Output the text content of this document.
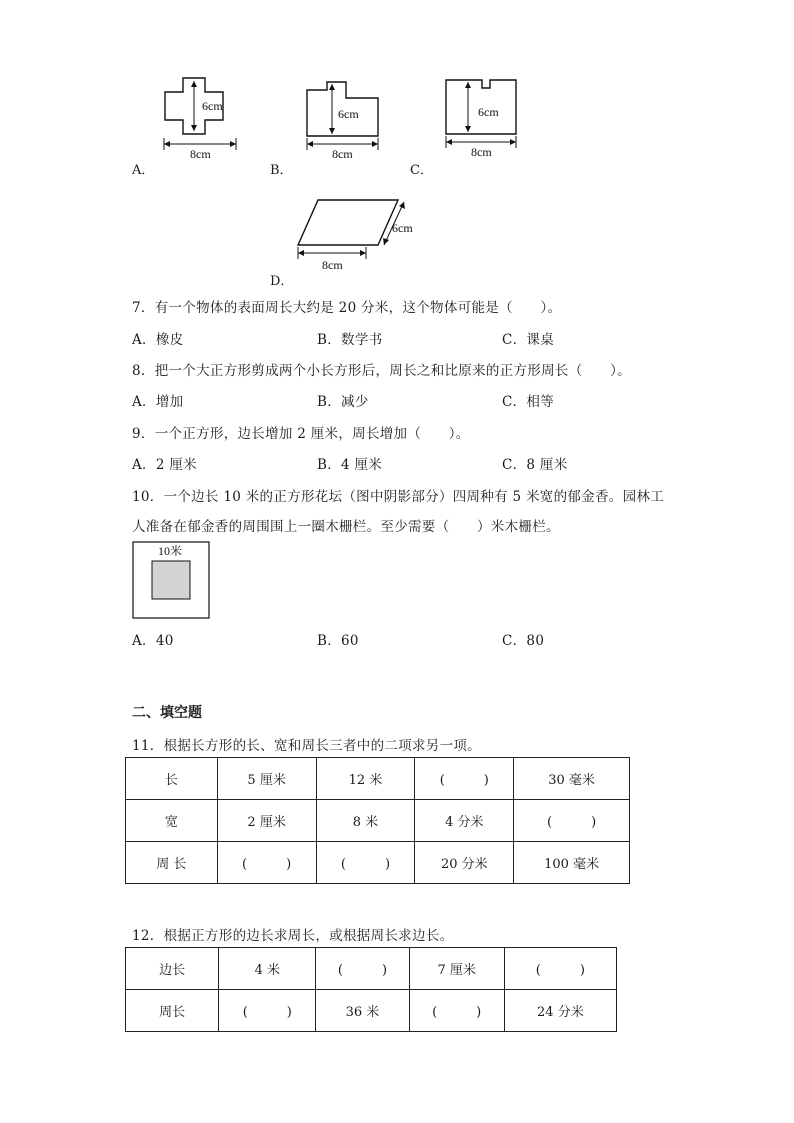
6cm
8cm
A．
6cm
8cm
B．
6cm
8cm
C．
6cm
8cm
D．
7．有一个物体的表面周长大约是 20 分米，这个物体可能是（　　）。
A．橡皮	B．数学书	C．课桌
8．把一个大正方形剪成两个小长方形后，周长之和比原来的正方形周长（　　）。
A．增加	B．减少	C．相等
9．一个正方形，边长增加 2 厘米，周长增加（　　）。
A．2 厘米	B．4 厘米	C．8 厘米
10．一个边长 10 米的正方形花坛（图中阴影部分）四周种有 5 米宽的郁金香。园林工
人准备在郁金香的周围围上一圈木栅栏。至少需要（　　）米木栅栏。
10米
A．40	B．60	C．80
二、填空题
11．根据长方形的长、宽和周长三者中的二项求另一项。
长	5 厘米	12 米	(　　　)	30 毫米
宽	2 厘米	8 米	4 分米	(　　　)
周 长	(　　　)	(　　　)	20 分米	100 毫米
12．根据正方形的边长求周长，或根据周长求边长。
边长	4 米	(　　　)	7 厘米	(　　　)
周长	(　　　)	36 米	(　　　)	24 分米
